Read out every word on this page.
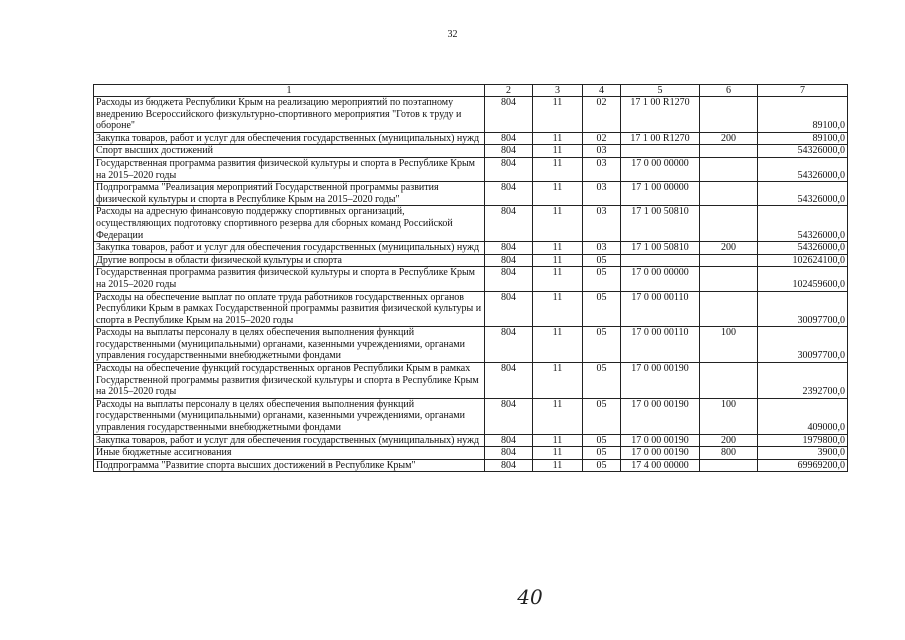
32
1	2	3	4	5	6	7
Расходы из бюджета Республики Крым на реализацию мероприятий по поэтапному внедрению Всероссийского физкультурно-спортивного мероприятия "Готов к труду и обороне"	804	11	02	17 1 00 R1270		89100,0
Закупка товаров, работ и услуг для обеспечения государственных (муниципальных) нужд	804	11	02	17 1 00 R1270	200	89100,0
Спорт высших достижений	804	11	03			54326000,0
Государственная программа развития физической культуры и спорта в Республике Крым на 2015–2020 годы	804	11	03	17 0 00 00000		54326000,0
Подпрограмма "Реализация мероприятий Государственной программы развития физической культуры и спорта в Республике Крым на 2015–2020 годы"	804	11	03	17 1 00 00000		54326000,0
Расходы на адресную финансовую поддержку спортивных организаций, осуществляющих подготовку спортивного резерва для сборных команд Российской Федерации	804	11	03	17 1 00 50810		54326000,0
Закупка товаров, работ и услуг для обеспечения государственных (муниципальных) нужд	804	11	03	17 1 00 50810	200	54326000,0
Другие вопросы в области физической культуры и спорта	804	11	05			102624100,0
Государственная программа развития физической культуры и спорта в Республике Крым на 2015–2020 годы	804	11	05	17 0 00 00000		102459600,0
Расходы на обеспечение выплат по оплате труда работников государственных органов Республики Крым в рамках Государственной программы развития физической культуры и спорта в Республике Крым на 2015–2020 годы	804	11	05	17 0 00 00110		30097700,0
Расходы на выплаты персоналу в целях обеспечения выполнения функций государственными (муниципальными) органами, казенными учреждениями, органами управления государственными внебюджетными фондами	804	11	05	17 0 00 00110	100	30097700,0
Расходы на обеспечение функций государственных органов Республики Крым в рамках Государственной программы развития физической культуры и спорта в Республике Крым на 2015–2020 годы	804	11	05	17 0 00 00190		2392700,0
Расходы на выплаты персоналу в целях обеспечения выполнения функций государственными (муниципальными) органами, казенными учреждениями, органами управления государственными внебюджетными фондами	804	11	05	17 0 00 00190	100	409000,0
Закупка товаров, работ и услуг для обеспечения государственных (муниципальных) нужд	804	11	05	17 0 00 00190	200	1979800,0
Иные бюджетные ассигнования	804	11	05	17 0 00 00190	800	3900,0
Подпрограмма "Развитие спорта высших достижений в Республике Крым"	804	11	05	17 4 00 00000		69969200,0
40
